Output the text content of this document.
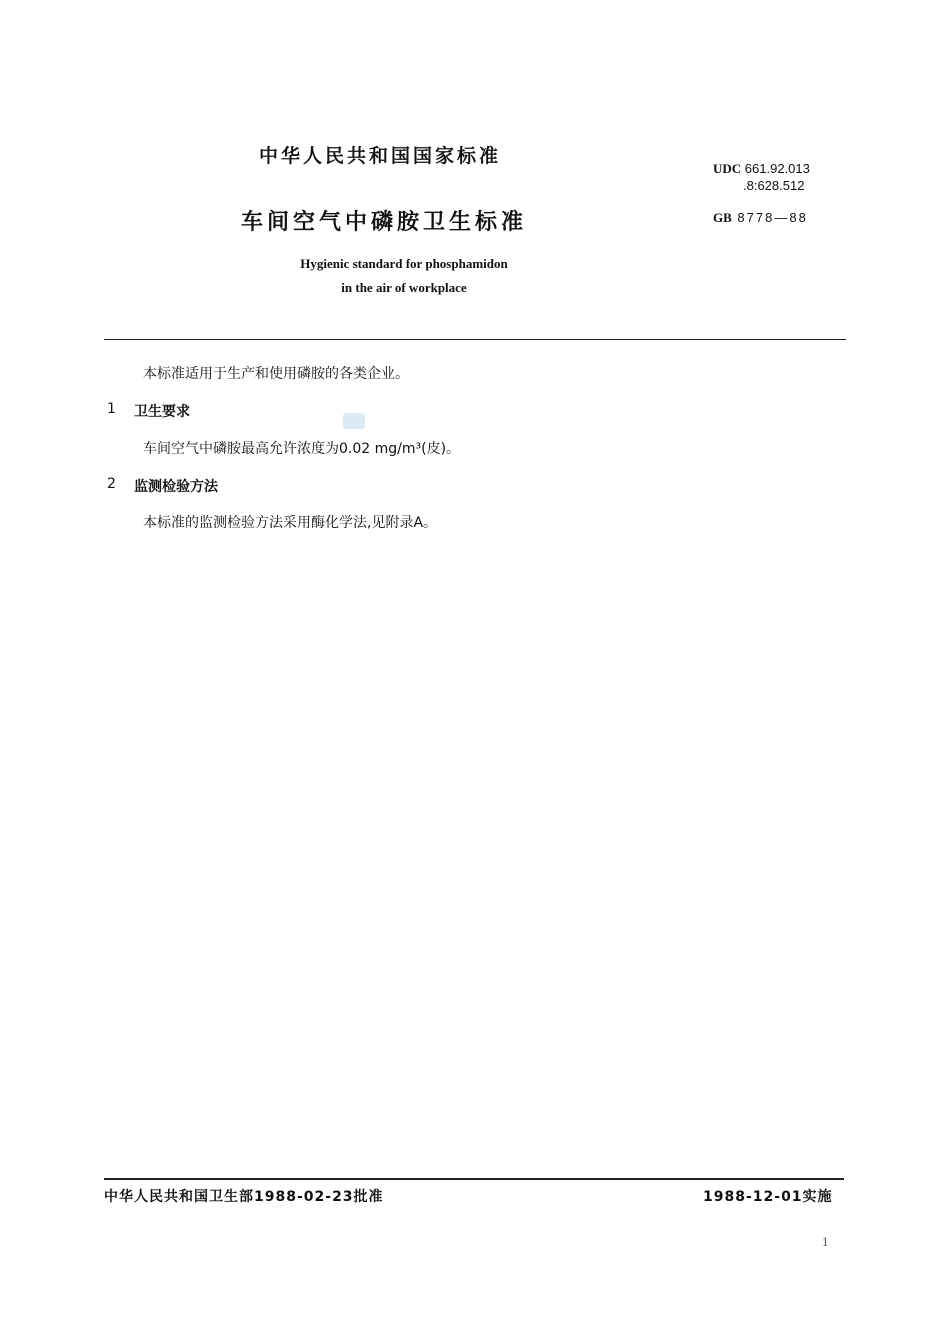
中华人民共和国国家标准
车间空气中磷胺卫生标准
Hygienic standard for phosphamidon
in the air of workplace
UDC 661.92.013
.8:628.512
GB 8778—88
本标准适用于生产和使用磷胺的各类企业。
1 卫生要求
车间空气中磷胺最高允许浓度为0.02 mg/m³(皮)。
2 监测检验方法
本标准的监测检验方法采用酶化学法,见附录A。
中华人民共和国卫生部1988-02-23批准	1988-12-01实施
1
